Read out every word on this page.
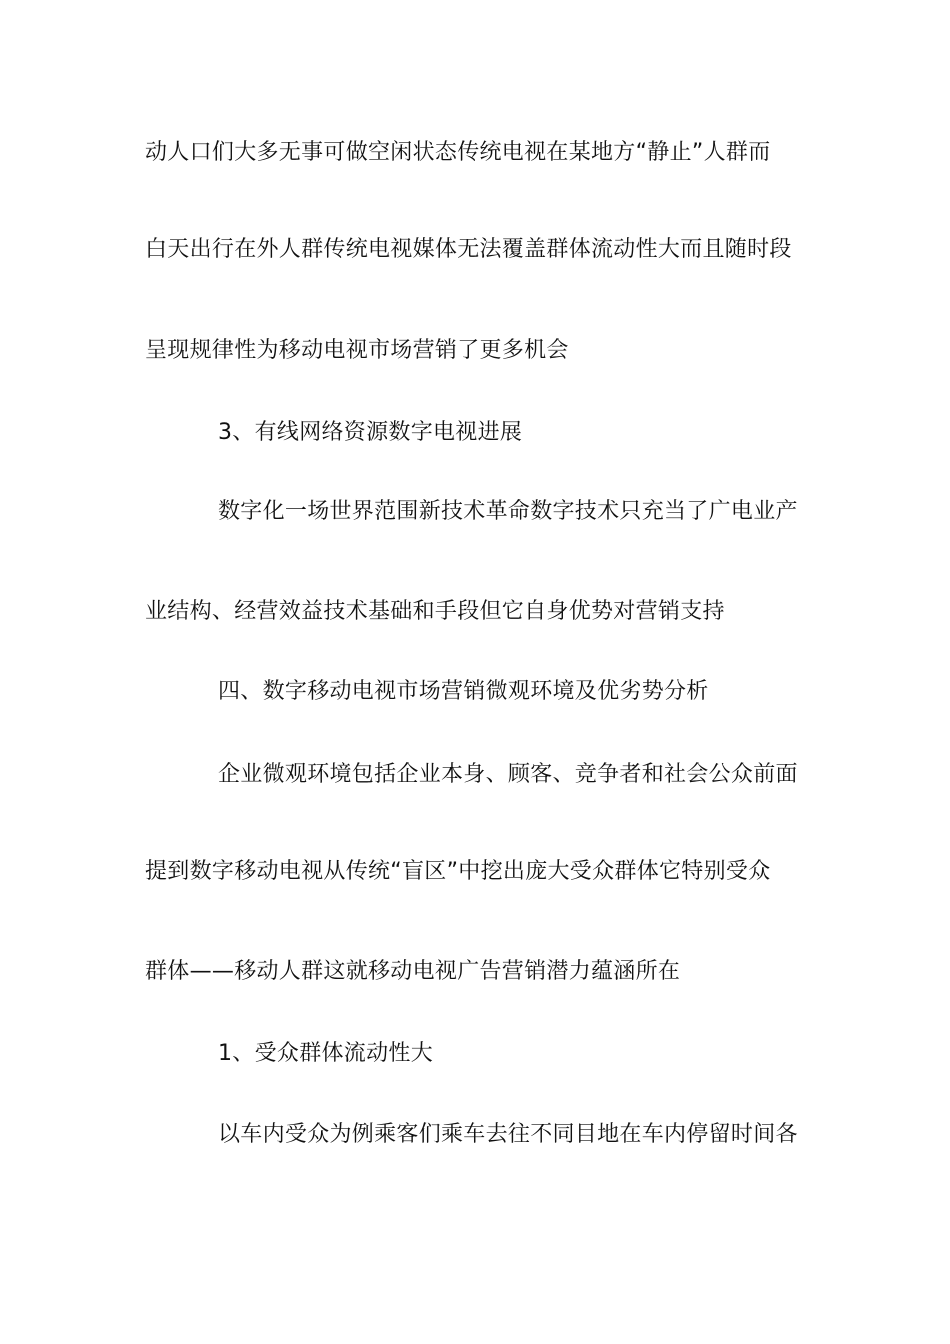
动人口们大多无事可做空闲状态传统电视在某地方“静止”人群而
白天出行在外人群传统电视媒体无法覆盖群体流动性大而且随时段
呈现规律性为移动电视市场营销了更多机会
3、有线网络资源数字电视进展
数字化一场世界范围新技术革命数字技术只充当了广电业产
业结构、经营效益技术基础和手段但它自身优势对营销支持
四、数字移动电视市场营销微观环境及优劣势分析
企业微观环境包括企业本身、顾客、竞争者和社会公众前面
提到数字移动电视从传统“盲区”中挖出庞大受众群体它特别受众
群体——移动人群这就移动电视广告营销潜力蕴涵所在
1、受众群体流动性大
以车内受众为例乘客们乘车去往不同目地在车内停留时间各
